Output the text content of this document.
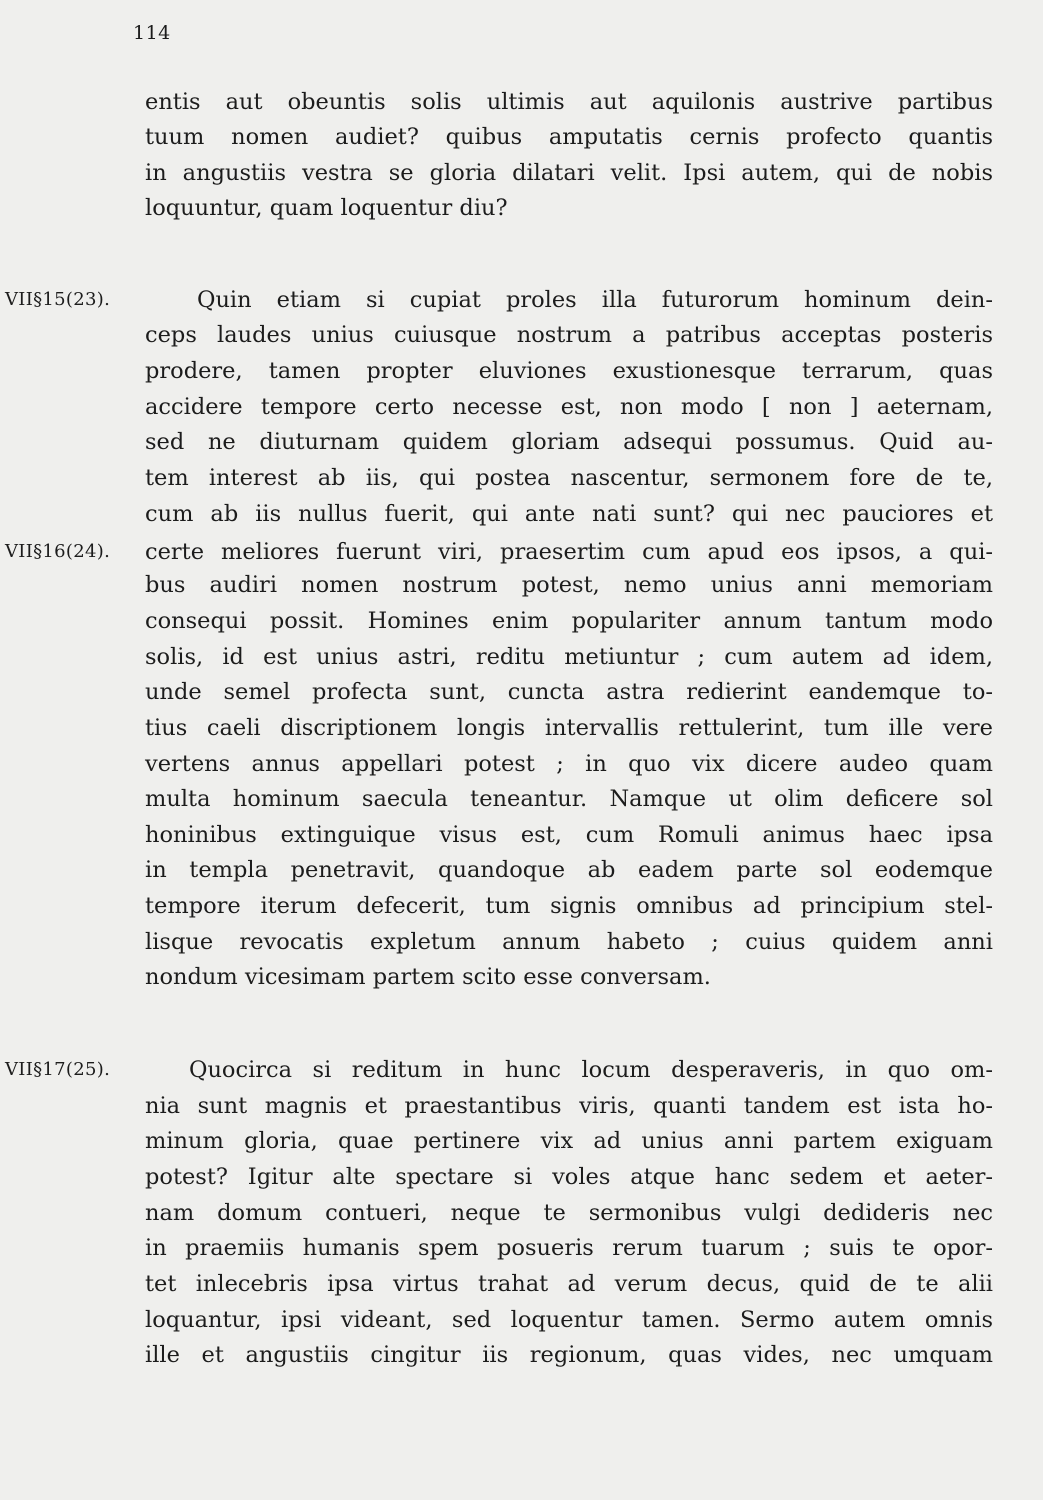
114
VII§15(23).
VII§16(24).
VII§17(25).
entis aut obeuntis solis ultimis aut aquilonis austrive partibus
tuum nomen audiet? quibus amputatis cernis profecto quantis
in angustiis vestra se gloria dilatari velit. Ipsi autem, qui de nobis
loquuntur, quam loquentur diu?
Quin etiam si cupiat proles illa futurorum hominum dein-
ceps laudes unius cuiusque nostrum a patribus acceptas posteris
prodere, tamen propter eluviones exustionesque terrarum, quas
accidere tempore certo necesse est, non modo [ non ] aeternam,
sed ne diuturnam quidem gloriam adsequi possumus. Quid au-
tem interest ab iis, qui postea nascentur, sermonem fore de te,
cum ab iis nullus fuerit, qui ante nati sunt? qui nec pauciores et
certe meliores fuerunt viri, praesertim cum apud eos ipsos, a qui-
bus audiri nomen nostrum potest, nemo unius anni memoriam
consequi possit. Homines enim populariter annum tantum modo
solis, id est unius astri, reditu metiuntur ; cum autem ad idem,
unde semel profecta sunt, cuncta astra redierint eandemque to-
tius caeli discriptionem longis intervallis rettulerint, tum ille vere
vertens annus appellari potest ; in quo vix dicere audeo quam
multa hominum saecula teneantur. Namque ut olim deficere sol
honinibus extinguique visus est, cum Romuli animus haec ipsa
in templa penetravit, quandoque ab eadem parte sol eodemque
tempore iterum defecerit, tum signis omnibus ad principium stel-
lisque revocatis expletum annum habeto ; cuius quidem anni
nondum vicesimam partem scito esse conversam.
Quocirca si reditum in hunc locum desperaveris, in quo om-
nia sunt magnis et praestantibus viris, quanti tandem est ista ho-
minum gloria, quae pertinere vix ad unius anni partem exiguam
potest? Igitur alte spectare si voles atque hanc sedem et aeter-
nam domum contueri, neque te sermonibus vulgi dedideris nec
in praemiis humanis spem posueris rerum tuarum ; suis te opor-
tet inlecebris ipsa virtus trahat ad verum decus, quid de te alii
loquantur, ipsi videant, sed loquentur tamen. Sermo autem omnis
ille et angustiis cingitur iis regionum, quas vides, nec umquam
